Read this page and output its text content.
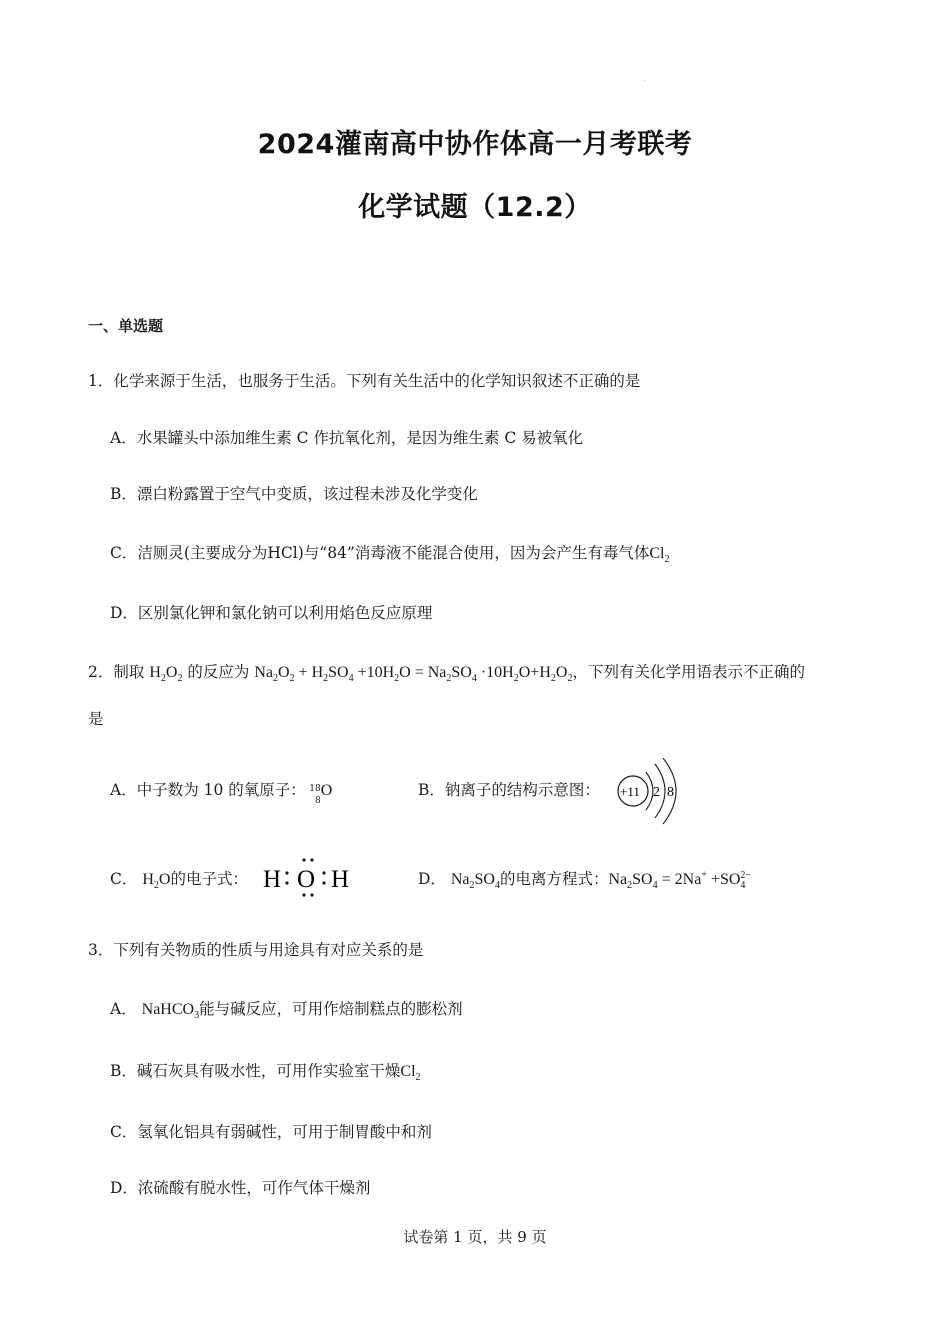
·
2024灌南高中协作体高一月考联考
化学试题（12.2）
一、单选题
1．化学来源于生活，也服务于生活。下列有关生活中的化学知识叙述不正确的是
A．水果罐头中添加维生素 C 作抗氧化剂，是因为维生素 C 易被氧化
B．漂白粉露置于空气中变质，该过程未涉及化学变化
C．洁厕灵(主要成分为HCl)与“84”消毒液不能混合使用，因为会产生有毒气体$Cl_2$
D．区别氯化钾和氯化钠可以利用焰色反应原理
2．制取 $H_2O_2$ 的反应为 $Na_2O_2 + H_2SO_4 +10H_2O = Na_2SO_4 \cdot 10H_2O+H_2O_2$，下列有关化学用语表示不正确的
是
A．中子数为 10 的氧原子： 18
8
O	B．钠离子的结构示意图： +11 2 8
C． $H_2O$的电子式： H O H	D． $Na_2SO_4$的电离方程式：$Na_2SO_4 = 2Na^+ +SO_4^{2-}$
3．下列有关物质的性质与用途具有对应关系的是
A． NaHCO$_3$能与碱反应，可用作焙制糕点的膨松剂
B．碱石灰具有吸水性，可用作实验室干燥$Cl_2$
C．氢氧化铝具有弱碱性，可用于制胃酸中和剂
D．浓硫酸有脱水性，可作气体干燥剂
试卷第 1 页，共 9 页
